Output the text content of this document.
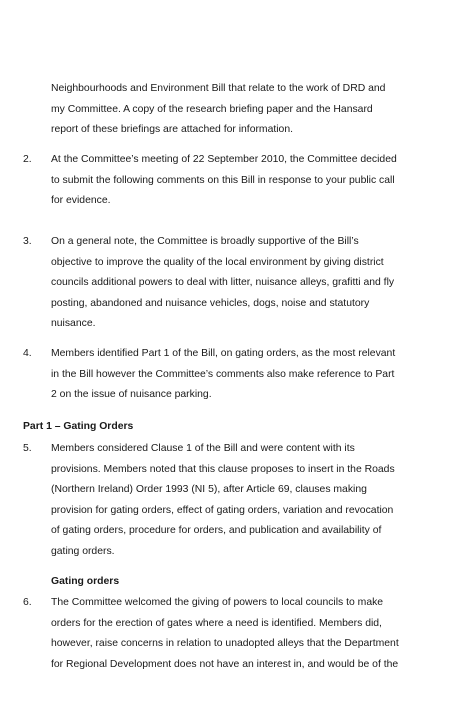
Neighbourhoods and Environment Bill that relate to the work of DRD and
my Committee. A copy of the research briefing paper and the Hansard
report of these briefings are attached for information.
2. At the Committee’s meeting of 22 September 2010, the Committee decided
to submit the following comments on this Bill in response to your public call
for evidence.
3. On a general note, the Committee is broadly supportive of the Bill’s
objective to improve the quality of the local environment by giving district
councils additional powers to deal with litter, nuisance alleys, grafitti and fly
posting, abandoned and nuisance vehicles, dogs, noise and statutory
nuisance.
4. Members identified Part 1 of the Bill, on gating orders, as the most relevant
in the Bill however the Committee’s comments also make reference to Part
2 on the issue of nuisance parking.
Part 1 – Gating Orders
5. Members considered Clause 1 of the Bill and were content with its
provisions. Members noted that this clause proposes to insert in the Roads
(Northern Ireland) Order 1993 (NI 5), after Article 69, clauses making
provision for gating orders, effect of gating orders, variation and revocation
of gating orders, procedure for orders, and publication and availability of
gating orders.
Gating orders
6. The Committee welcomed the giving of powers to local councils to make
orders for the erection of gates where a need is identified. Members did,
however, raise concerns in relation to unadopted alleys that the Department
for Regional Development does not have an interest in, and would be of the
